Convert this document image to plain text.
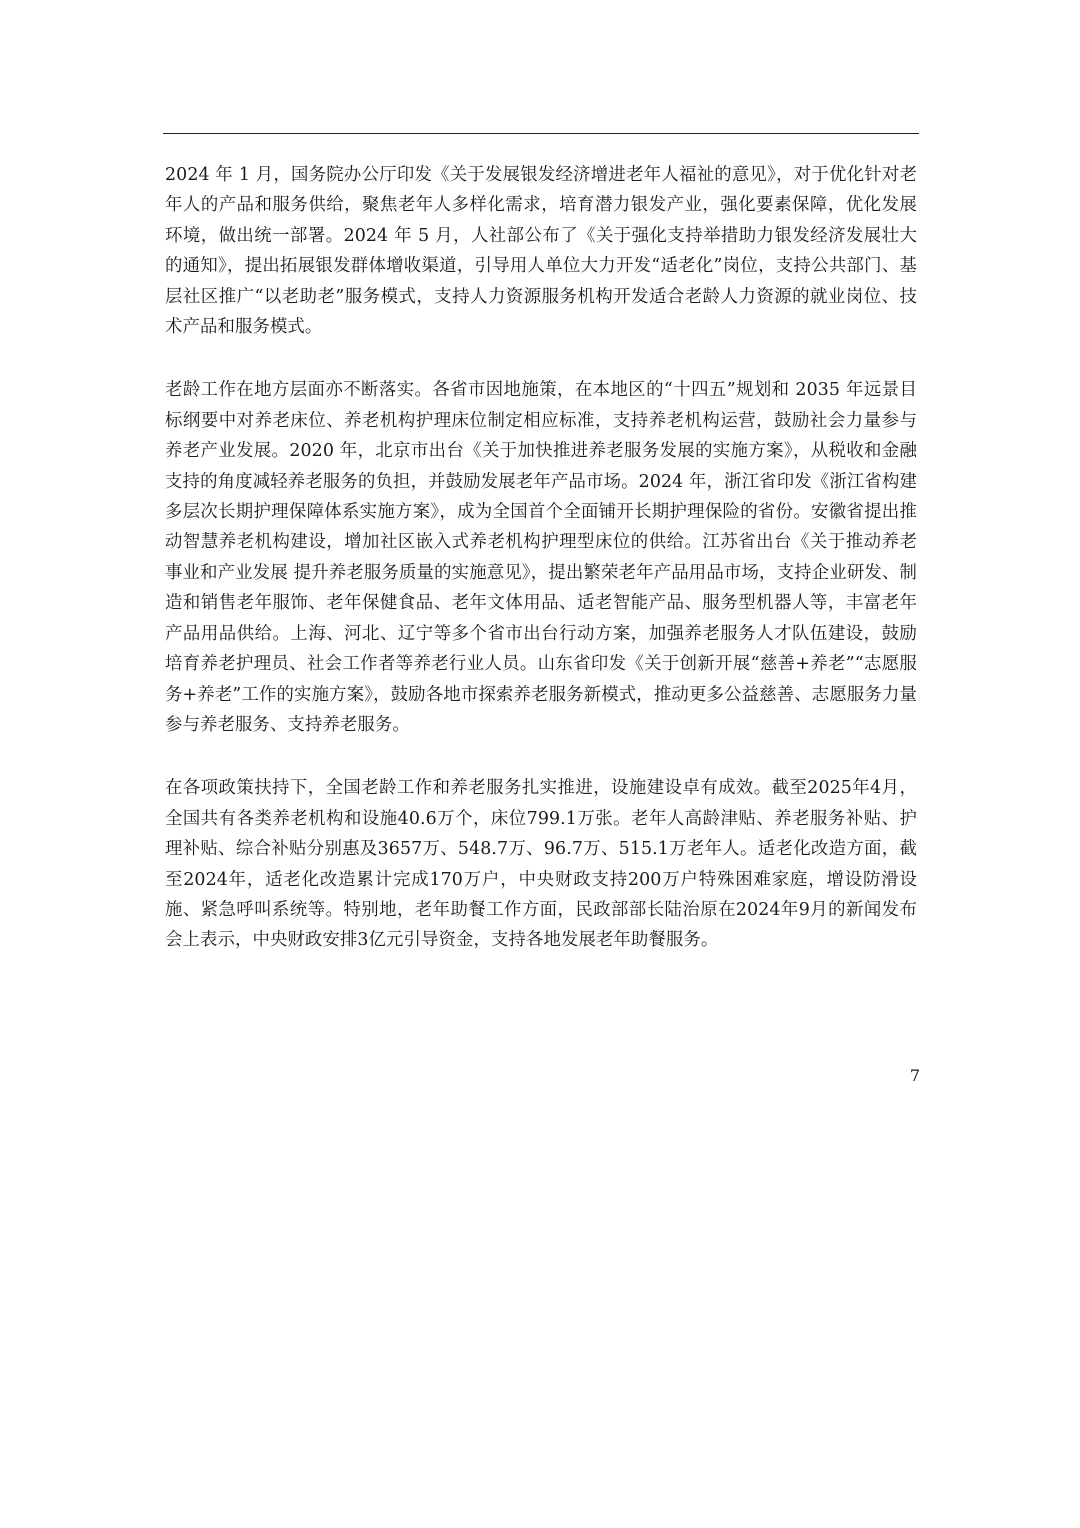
2024 年 1 月，国务院办公厅印发《关于发展银发经济增进老年人福祉的意见》，对于优化针对老年人的产品和服务供给，聚焦老年人多样化需求，培育潜力银发产业，强化要素保障，优化发展环境，做出统一部署。2024 年 5 月，人社部公布了《关于强化支持举措助力银发经济发展壮大的通知》，提出拓展银发群体增收渠道，引导用人单位大力开发“适老化”岗位，支持公共部门、基层社区推广“以老助老”服务模式，支持人力资源服务机构开发适合老龄人力资源的就业岗位、技术产品和服务模式。

老龄工作在地方层面亦不断落实。各省市因地施策，在本地区的“十四五”规划和 2035 年远景目标纲要中对养老床位、养老机构护理床位制定相应标准，支持养老机构运营，鼓励社会力量参与养老产业发展。2020 年，北京市出台《关于加快推进养老服务发展的实施方案》，从税收和金融支持的角度减轻养老服务的负担，并鼓励发展老年产品市场。2024 年，浙江省印发《浙江省构建多层次长期护理保障体系实施方案》，成为全国首个全面铺开长期护理保险的省份。安徽省提出推动智慧养老机构建设，增加社区嵌入式养老机构护理型床位的供给。江苏省出台《关于推动养老事业和产业发展 提升养老服务质量的实施意见》，提出繁荣老年产品用品市场，支持企业研发、制造和销售老年服饰、老年保健食品、老年文体用品、适老智能产品、服务型机器人等，丰富老年产品用品供给。上海、河北、辽宁等多个省市出台行动方案，加强养老服务人才队伍建设，鼓励培育养老护理员、社会工作者等养老行业人员。山东省印发《关于创新开展“慈善+养老”“志愿服务+养老”工作的实施方案》，鼓励各地市探索养老服务新模式，推动更多公益慈善、志愿服务力量参与养老服务、支持养老服务。

在各项政策扶持下，全国老龄工作和养老服务扎实推进，设施建设卓有成效。截至2025年4月，全国共有各类养老机构和设施40.6万个，床位799.1万张。老年人高龄津贴、养老服务补贴、护理补贴、综合补贴分别惠及3657万、548.7万、96.7万、515.1万老年人。适老化改造方面，截至2024年，适老化改造累计完成170万户，中央财政支持200万户特殊困难家庭，增设防滑设施、紧急呼叫系统等。特别地，老年助餐工作方面，民政部部长陆治原在2024年9月的新闻发布会上表示，中央财政安排3亿元引导资金，支持各地发展老年助餐服务。

7
